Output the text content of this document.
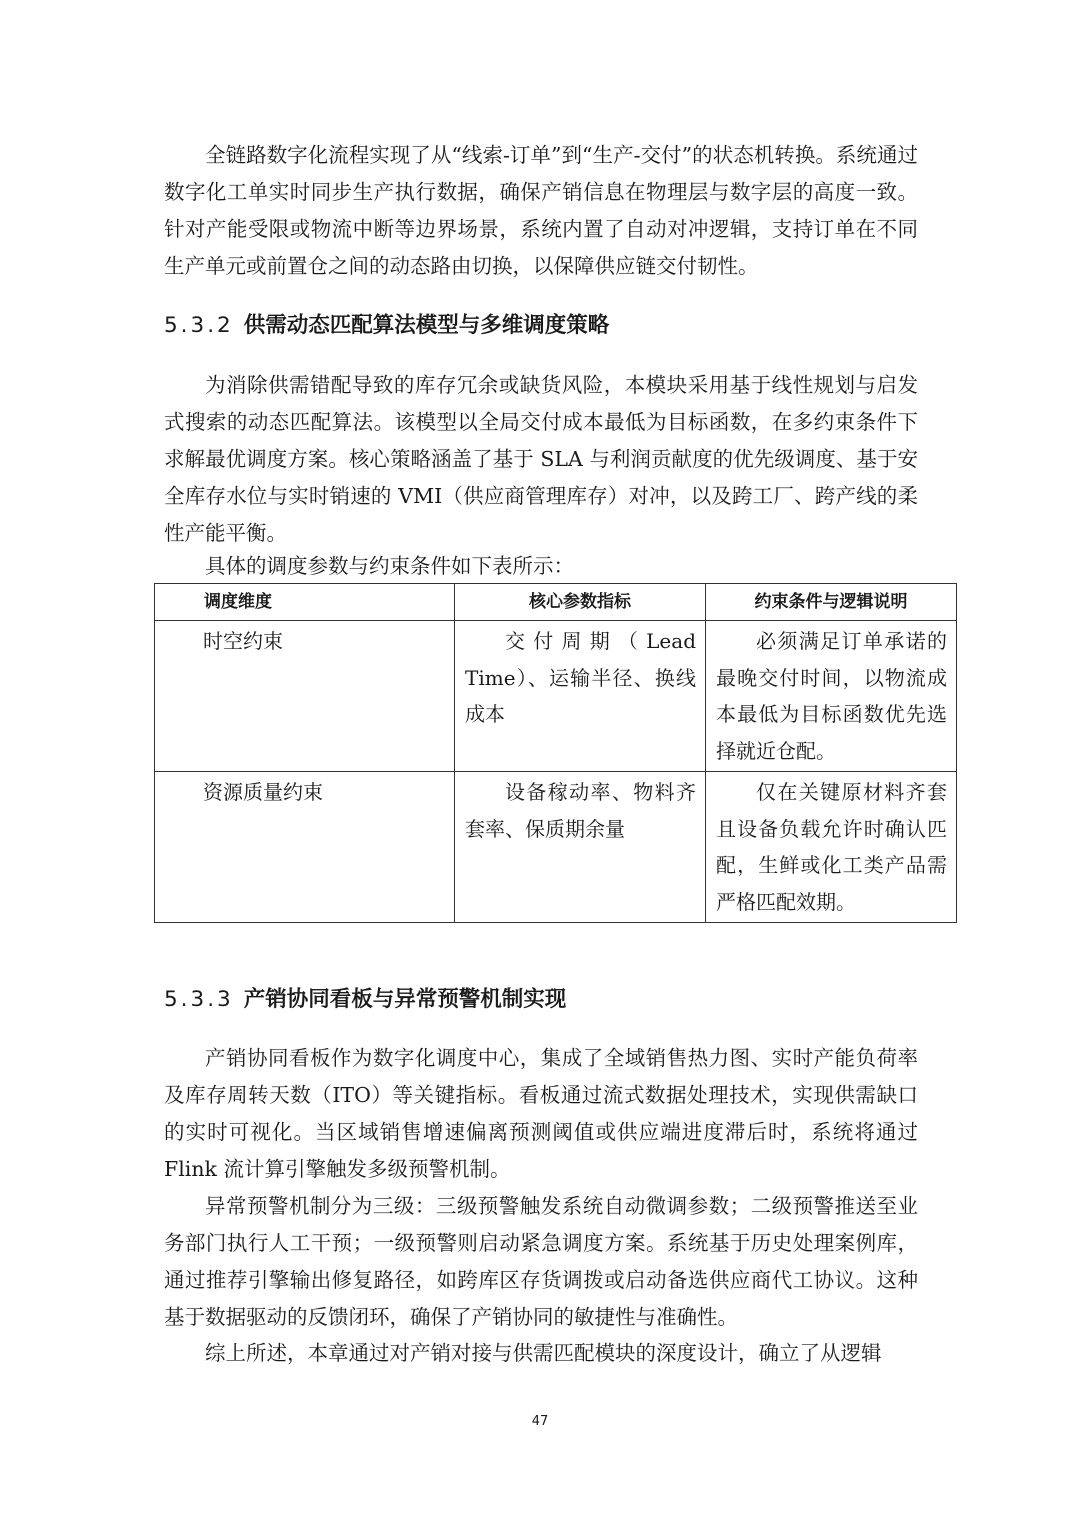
全链路数字化流程实现了从“线索-订单”到“生产-交付”的状态机转换。系统通过数字化工单实时同步生产执行数据，确保产销信息在物理层与数字层的高度一致。针对产能受限或物流中断等边界场景，系统内置了自动对冲逻辑，支持订单在不同生产单元或前置仓之间的动态路由切换，以保障供应链交付韧性。

5.3.2 供需动态匹配算法模型与多维调度策略

为消除供需错配导致的库存冗余或缺货风险，本模块采用基于线性规划与启发式搜索的动态匹配算法。该模型以全局交付成本最低为目标函数，在多约束条件下求解最优调度方案。核心策略涵盖了基于 SLA 与利润贡献度的优先级调度、基于安全库存水位与实时销速的 VMI（供应商管理库存）对冲，以及跨工厂、跨产线的柔性产能平衡。

具体的调度参数与约束条件如下表所示：

调度维度	核心参数指标	约束条件与逻辑说明
时空约束	交付周期（Lead Time）、运输半径、换线成本	必须满足订单承诺的最晚交付时间，以物流成本最低为目标函数优先选择就近仓配。
资源质量约束	设备稼动率、物料齐套率、保质期余量	仅在关键原材料齐套且设备负载允许时确认匹配，生鲜或化工类产品需严格匹配效期。
5.3.3 产销协同看板与异常预警机制实现

产销协同看板作为数字化调度中心，集成了全域销售热力图、实时产能负荷率及库存周转天数（ITO）等关键指标。看板通过流式数据处理技术，实现供需缺口的实时可视化。当区域销售增速偏离预测阈值或供应端进度滞后时，系统将通过 Flink 流计算引擎触发多级预警机制。

异常预警机制分为三级：三级预警触发系统自动微调参数；二级预警推送至业务部门执行人工干预；一级预警则启动紧急调度方案。系统基于历史处理案例库，通过推荐引擎输出修复路径，如跨库区存货调拨或启动备选供应商代工协议。这种基于数据驱动的反馈闭环，确保了产销协同的敏捷性与准确性。

综上所述，本章通过对产销对接与供需匹配模块的深度设计，确立了从逻辑

47
